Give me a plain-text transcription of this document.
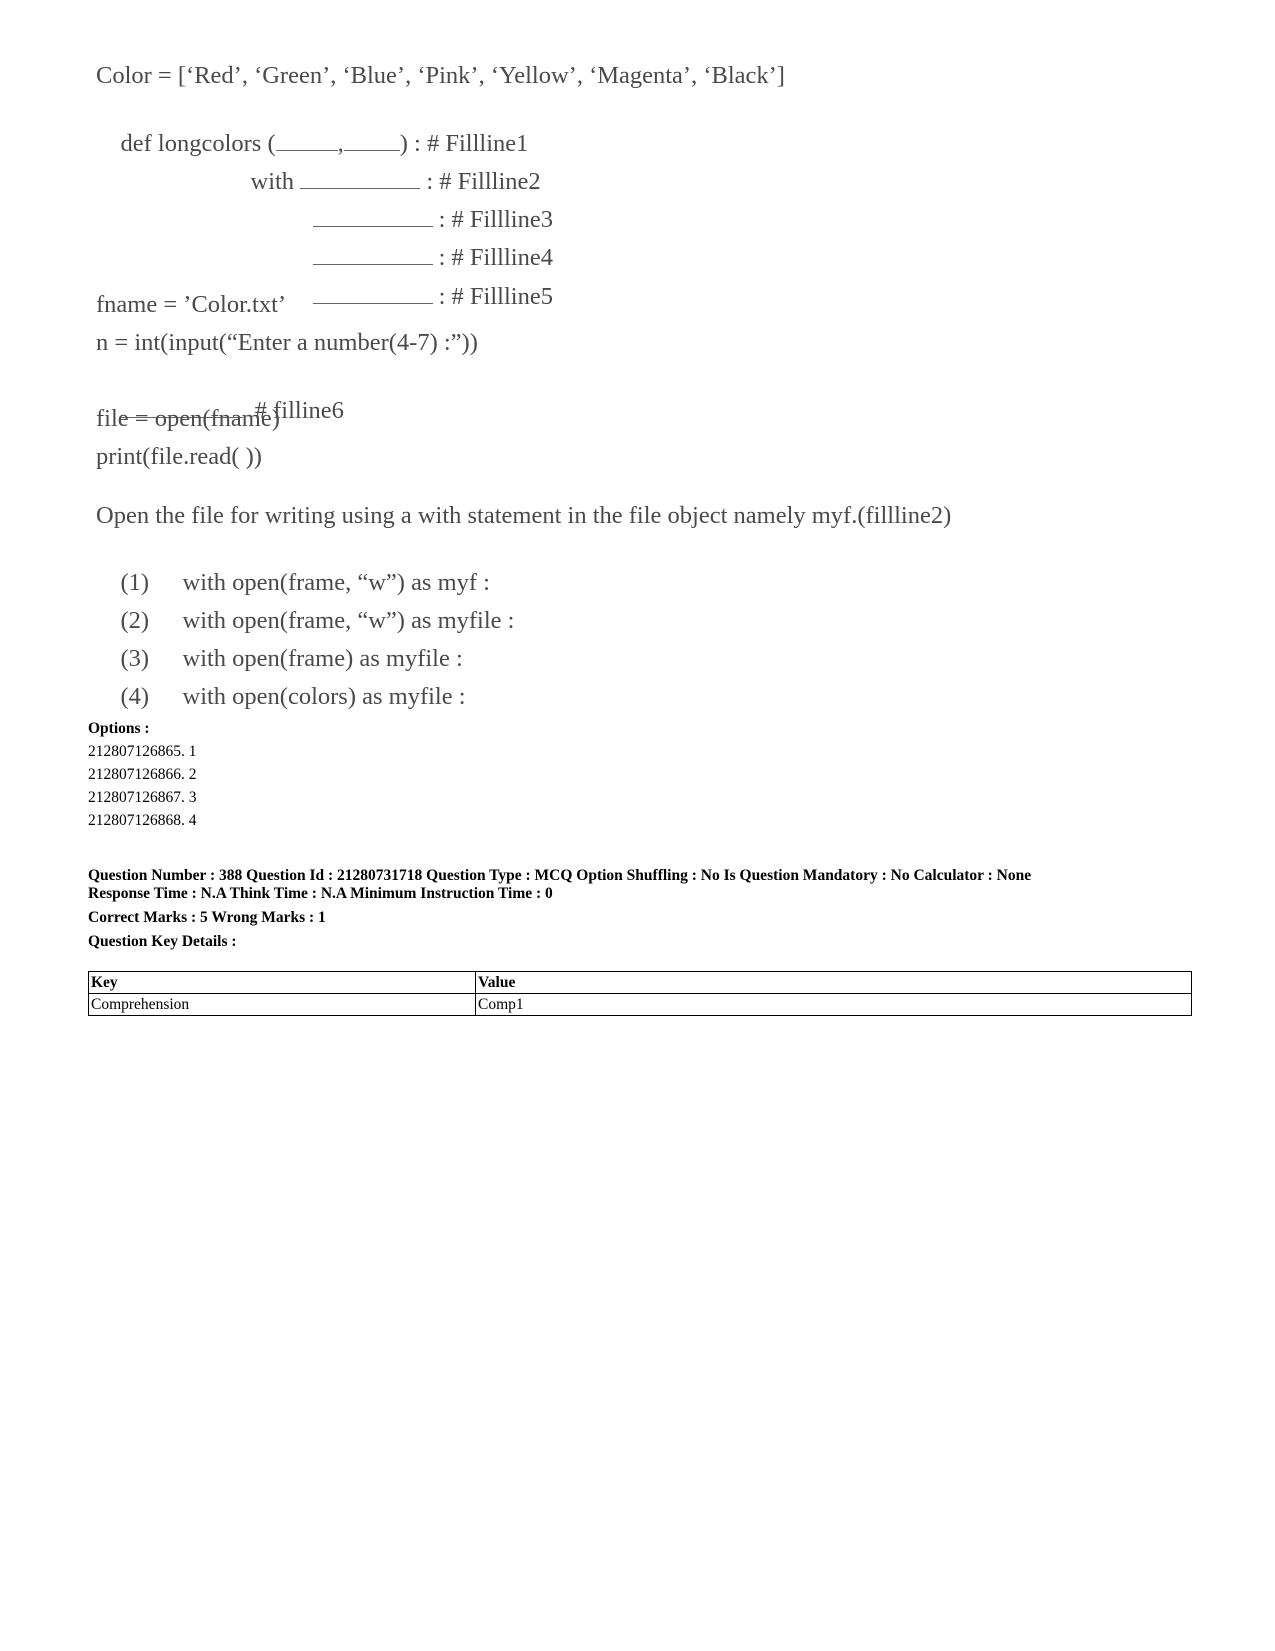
Color = [‘Red’, ‘Green’, ‘Blue’, ‘Pink’, ‘Yellow’, ‘Magenta’, ‘Black’]

def longcolors (	, ) : # Fillline1

with	: # Fillline2

: # Fillline3

: # Fillline4

: # Fillline5

fname = ’Color.txt’
n = int(input(“Enter a number(4-7) :”))

# filline6

file = open(fname)
print(file.read( ))
Open the file for writing using a with statement in the file object namely myf.(fillline2)

(1) with open(frame, “w”) as myf :

(2) with open(frame, “w”) as myfile :

(3) with open(frame) as myfile :

(4) with open(colors) as myfile :

Options :
212807126865. 1
212807126866. 2
212807126867. 3
212807126868. 4
Question Number : 388 Question Id : 21280731718 Question Type : MCQ Option Shuffling : No Is Question Mandatory : No Calculator : None
Response Time : N.A Think Time : N.A Minimum Instruction Time : 0
Correct Marks : 5 Wrong Marks : 1
Question Key Details :
Key	Value
Comprehension	Comp1
